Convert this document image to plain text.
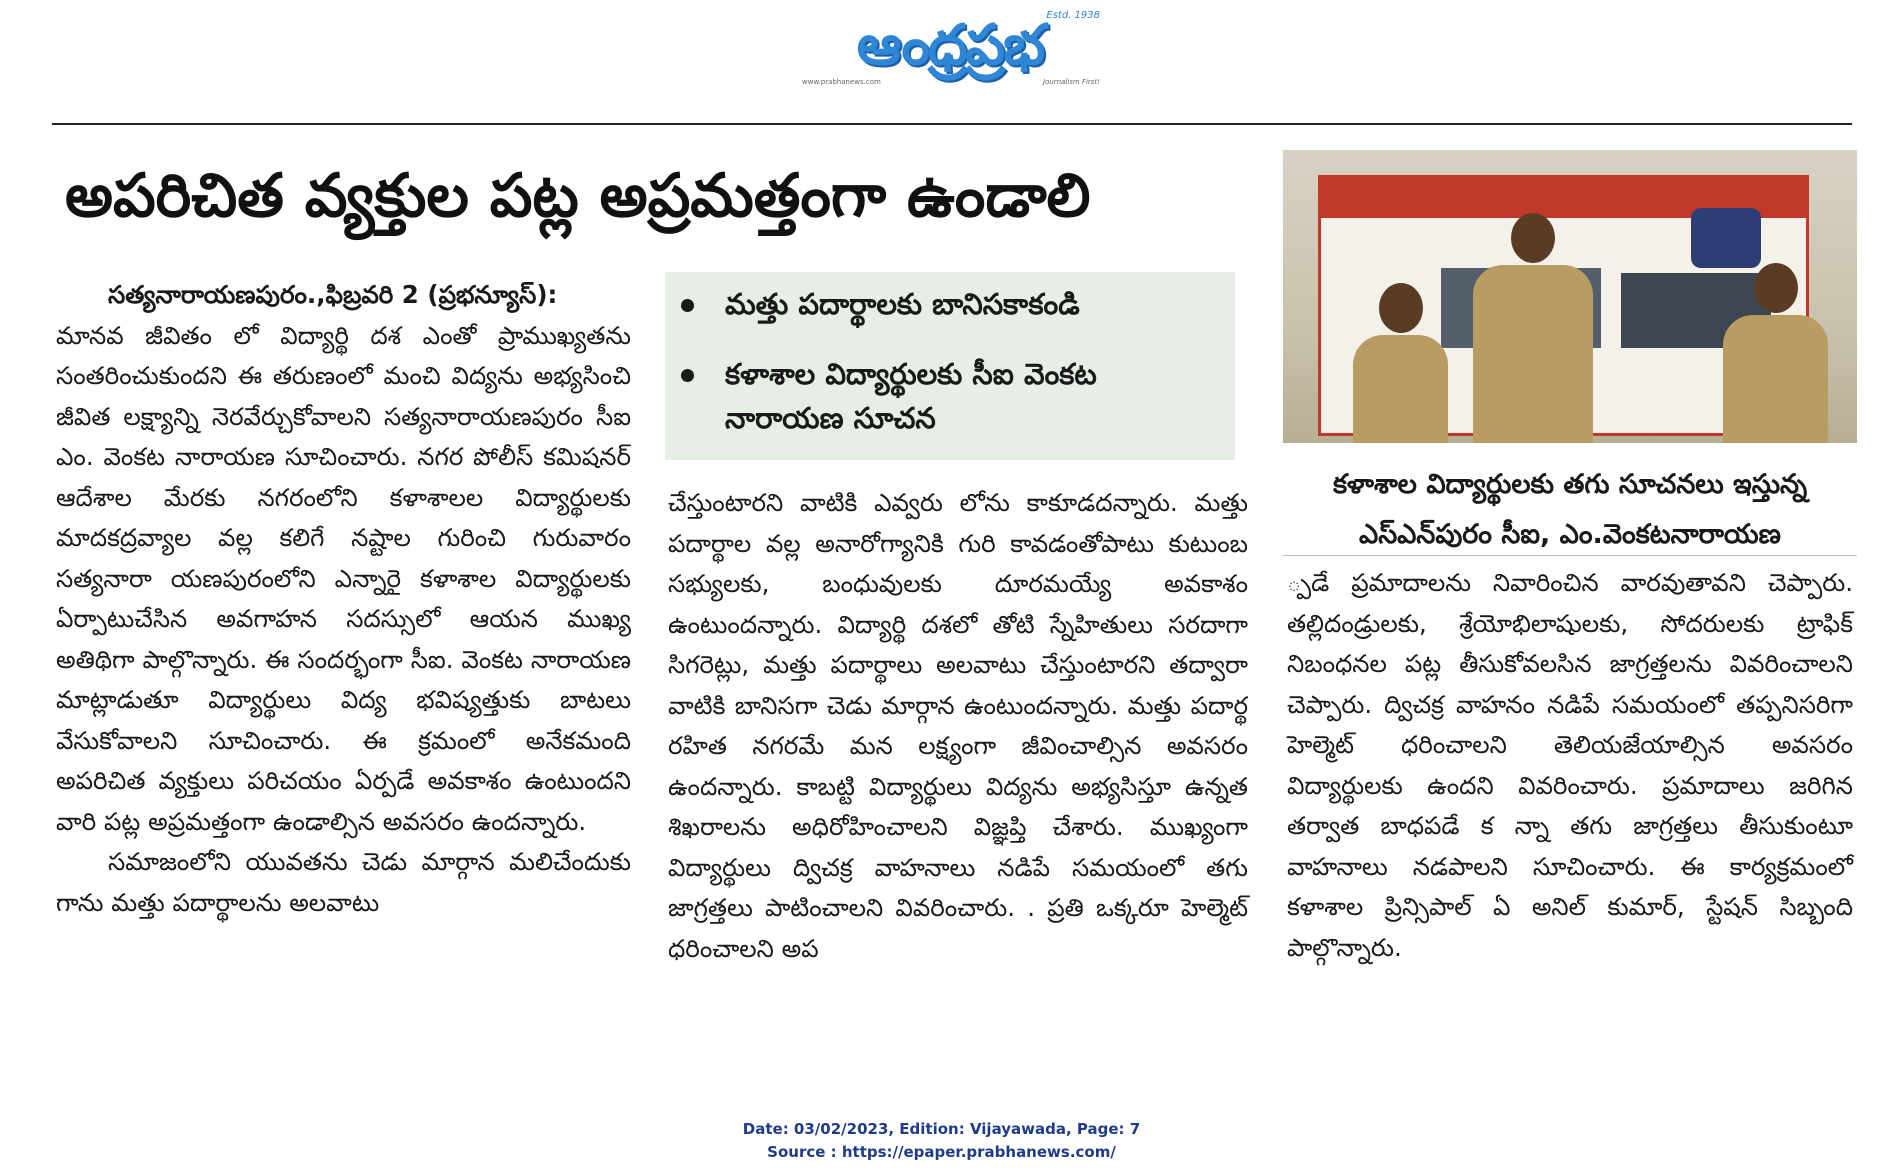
ఆంధ్రప్రభ Estd. 1938
www.prabhanews.com	Journalism First!
అపరిచిత వ్యక్తుల పట్ల అప్రమత్తంగా ఉండాలి

సత్యనారాయణపురం.,ఫిబ్రవరి 2 (ప్రభన్యూస్):

మానవ జీవితం లో విద్యార్థి దశ ఎంతో ప్రాముఖ్యతను సంతరించుకుందని ఈ తరుణంలో మంచి విద్యను అభ్యసించి జీవిత లక్ష్యాన్ని నెరవేర్చుకోవాలని సత్యనారాయణపురం సీఐ ఎం. వెంకట నారాయణ సూచించారు. నగర పోలీస్ కమిషనర్ ఆదేశాల మేరకు నగరంలోని కళాశాలల విద్యార్థులకు మాదకద్రవ్యాల వల్ల కలిగే నష్టాల గురించి గురువారం సత్యనారా యణపురంలోని ఎన్నారై కళాశాల విద్యార్థులకు ఏర్పాటుచేసిన అవగాహన సదస్సులో ఆయన ముఖ్య అతిథిగా పాల్గొన్నారు. ఈ సందర్భంగా సీఐ. వెంకట నారాయణ మాట్లాడుతూ విద్యార్థులు విద్య భవిష్యత్తుకు బాటలు వేసుకోవాలని సూచించారు. ఈ క్రమంలో అనేకమంది అపరిచిత వ్యక్తులు పరిచయం ఏర్పడే అవకాశం ఉంటుందని వారి పట్ల అప్రమత్తంగా ఉండాల్సిన అవసరం ఉందన్నారు.

సమాజంలోని యువతను చెడు మార్గాన మలిచేందుకు గాను మత్తు పదార్థాలను అలవాటు

మత్తు పదార్థాలకు బానిసకాకండి
కళాశాల విద్యార్థులకు సీఐ వెంకట నారాయణ సూచన

చేస్తుంటారని వాటికి ఎవ్వరు లోను కాకూడదన్నారు. మత్తు పదార్థాల వల్ల అనారోగ్యానికి గురి కావడంతోపాటు కుటుంబ సభ్యులకు, బంధువులకు దూరమయ్యే అవకాశం ఉంటుందన్నారు. విద్యార్థి దశలో తోటి స్నేహితులు సరదాగా సిగరెట్లు, మత్తు పదార్థాలు అలవాటు చేస్తుంటారని తద్వారా వాటికి బానిసగా చెడు మార్గాన ఉంటుందన్నారు. మత్తు పదార్థ రహిత నగరమే మన లక్ష్యంగా జీవించాల్సిన అవసరం ఉందన్నారు. కాబట్టి విద్యార్థులు విద్యను అభ్యసిస్తూ ఉన్నత శిఖరాలను అధిరోహించాలని విజ్ఞప్తి చేశారు. ముఖ్యంగా విద్యార్థులు ద్విచక్ర వాహనాలు నడిపే సమయంలో తగు జాగ్రత్తలు పాటించాలని వివరించారు. . ప్రతి ఒక్కరూ హెల్మెట్ ధరించాలని అప

కళాశాల విద్యార్థులకు తగు సూచనలు ఇస్తున్న
ఎస్ఎన్‌పురం సీఐ, ఎం.వెంకటనారాయణ

్పడే ప్రమాదాలను నివారించిన వారవుతావని చెప్పారు. తల్లిదండ్రులకు, శ్రేయోభిలాషులకు, సోదరులకు ట్రాఫిక్ నిబంధనల పట్ల తీసుకోవలసిన జాగ్రత్తలను వివరించాలని చెప్పారు. ద్విచక్ర వాహనం నడిపే సమయంలో తప్పనిసరిగా హెల్మెట్ ధరించాలని తెలియజేయాల్సిన అవసరం విద్యార్థులకు ఉందని వివరించారు. ప్రమాదాలు జరిగిన తర్వాత బాధపడే క న్నా తగు జాగ్రత్తలు తీసుకుంటూ వాహనాలు నడపాలని సూచించారు. ఈ కార్యక్రమంలో కళాశాల ప్రిన్సిపాల్ ఏ అనిల్ కుమార్, స్టేషన్ సిబ్బంది పాల్గొన్నారు.

Date: 03/02/2023, Edition: Vijayawada, Page: 7
Source : https://epaper.prabhanews.com/
